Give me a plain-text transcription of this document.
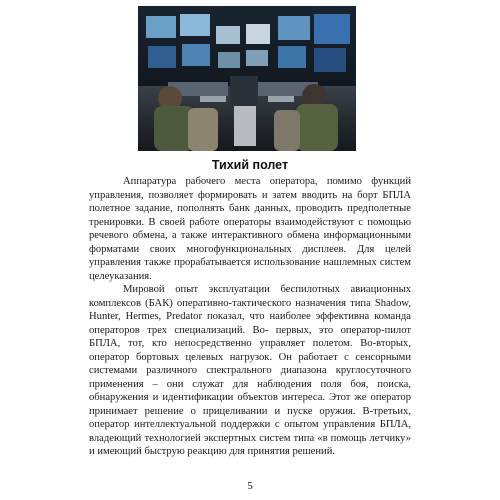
Тихий полет

Аппаратура рабочего места оператора, помимо функций управления, позволяет формировать и затем вводить на борт БПЛА полетное задание, пополнять банк данных, проводить предполетные тренировки. В своей работе операторы взаимодействуют с помощью речевого обмена, а также интерактивного обмена информационными форматами своих многофункциональных дисплеев. Для целей управления также прорабатывается использование нашлемных систем целеуказания.

Мировой опыт эксплуатации беспилотных авиационных комплексов (БАК) оперативно-тактического назначения типа Shadow, Hunter, Hermes, Predator показал, что наиболее эффективна команда операторов трех специализаций. Во- первых, это оператор-пилот БПЛА, тот, кто непосредственно управляет полетом. Во-вторых, оператор бортовых целевых нагрузок. Он работает с сенсорными системами различного спектрального диапазона круглосуточного применения – они служат для наблюдения поля боя, поиска, обнаружения и идентификации объектов интереса. Этот же оператор принимает решение о прицеливании и пуске оружия. В-третьих, оператор интеллектуальной поддержки с опытом управления БПЛА, владеющий технологией экспертных систем типа «в помощь летчику» и имеющий быструю реакцию для принятия решений.

5
